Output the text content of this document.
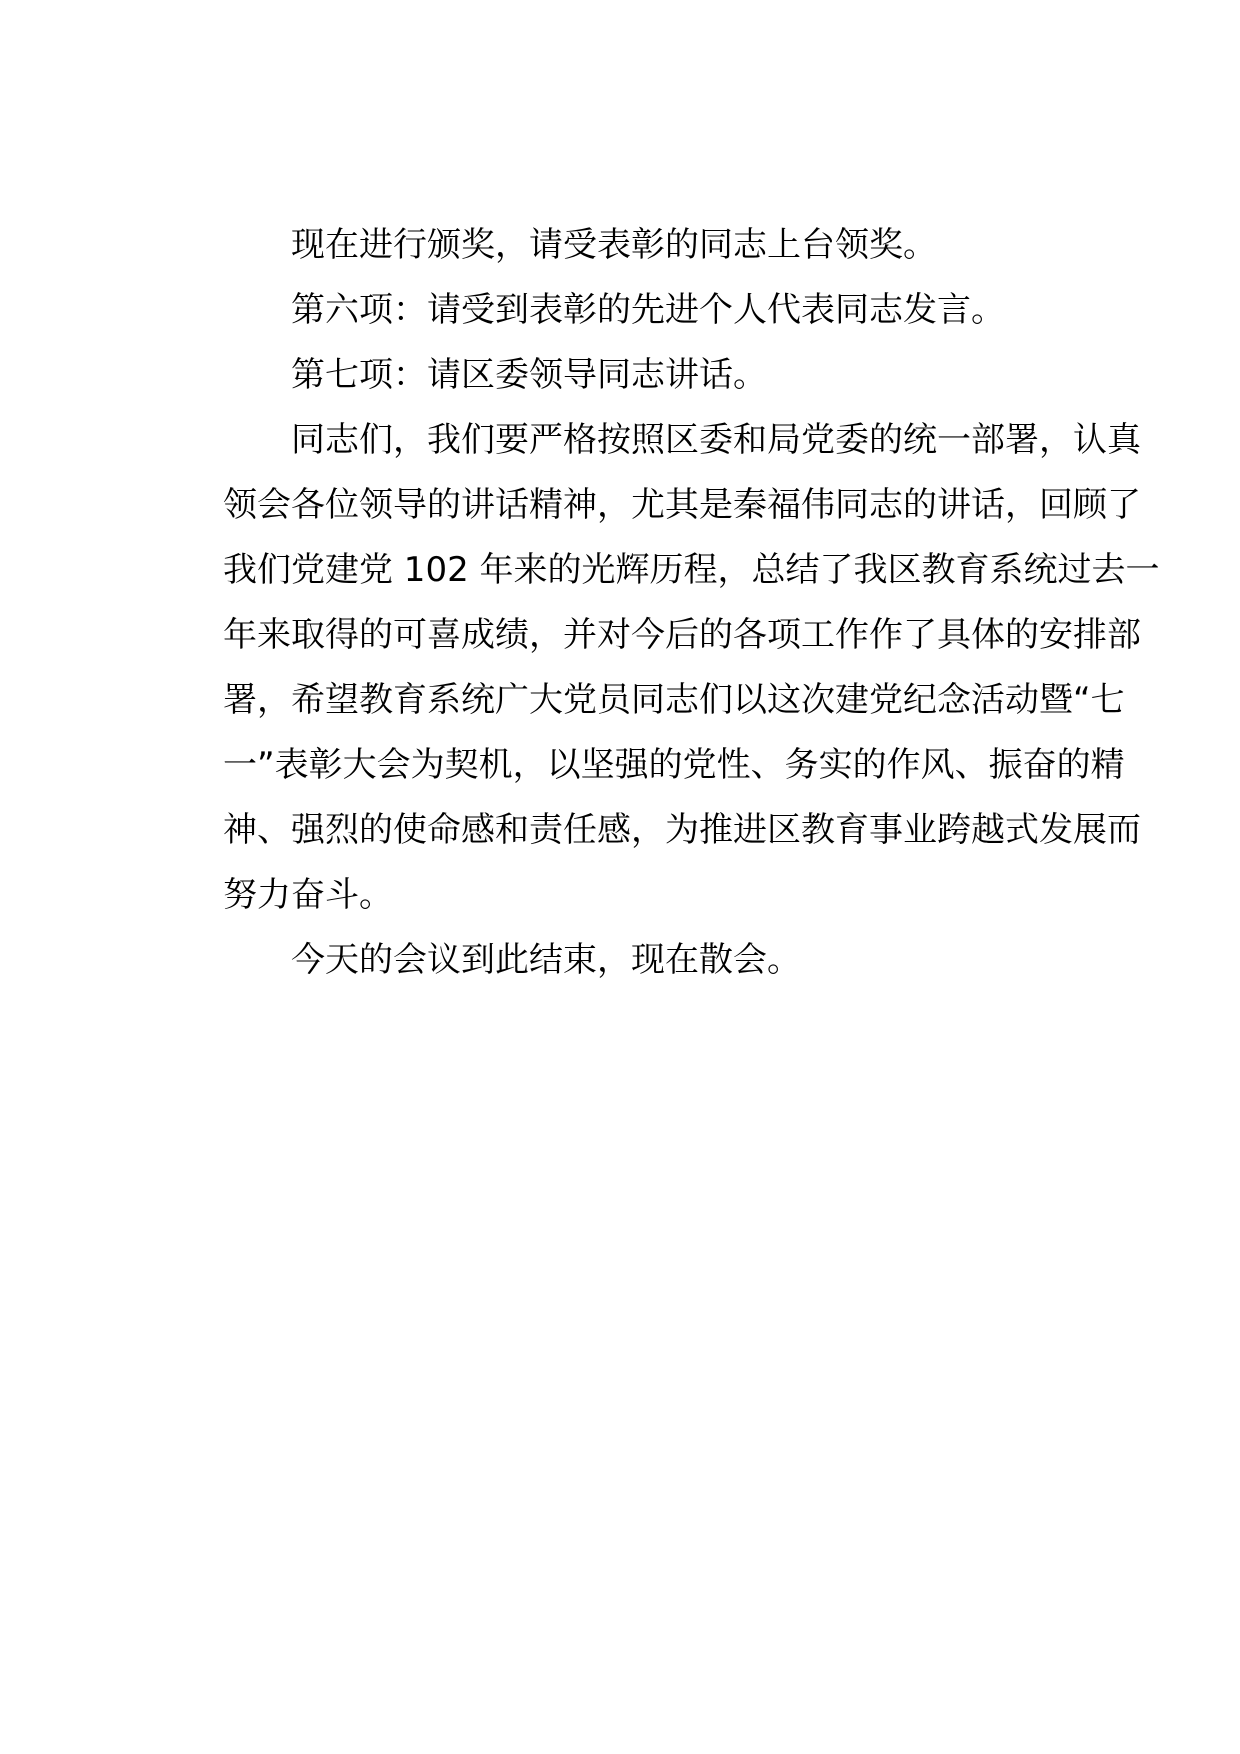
现在进行颁奖，请受表彰的同志上台领奖。
第六项：请受到表彰的先进个人代表同志发言。
第七项：请区委领导同志讲话。
同志们，我们要严格按照区委和局党委的统一部署，认真
领会各位领导的讲话精神，尤其是秦福伟同志的讲话，回顾了
我们党建党 102 年来的光辉历程，总结了我区教育系统过去一
年来取得的可喜成绩，并对今后的各项工作作了具体的安排部
署，希望教育系统广大党员同志们以这次建党纪念活动暨“七
一”表彰大会为契机，以坚强的党性、务实的作风、振奋的精
神、强烈的使命感和责任感，为推进区教育事业跨越式发展而
努力奋斗。
今天的会议到此结束，现在散会。
